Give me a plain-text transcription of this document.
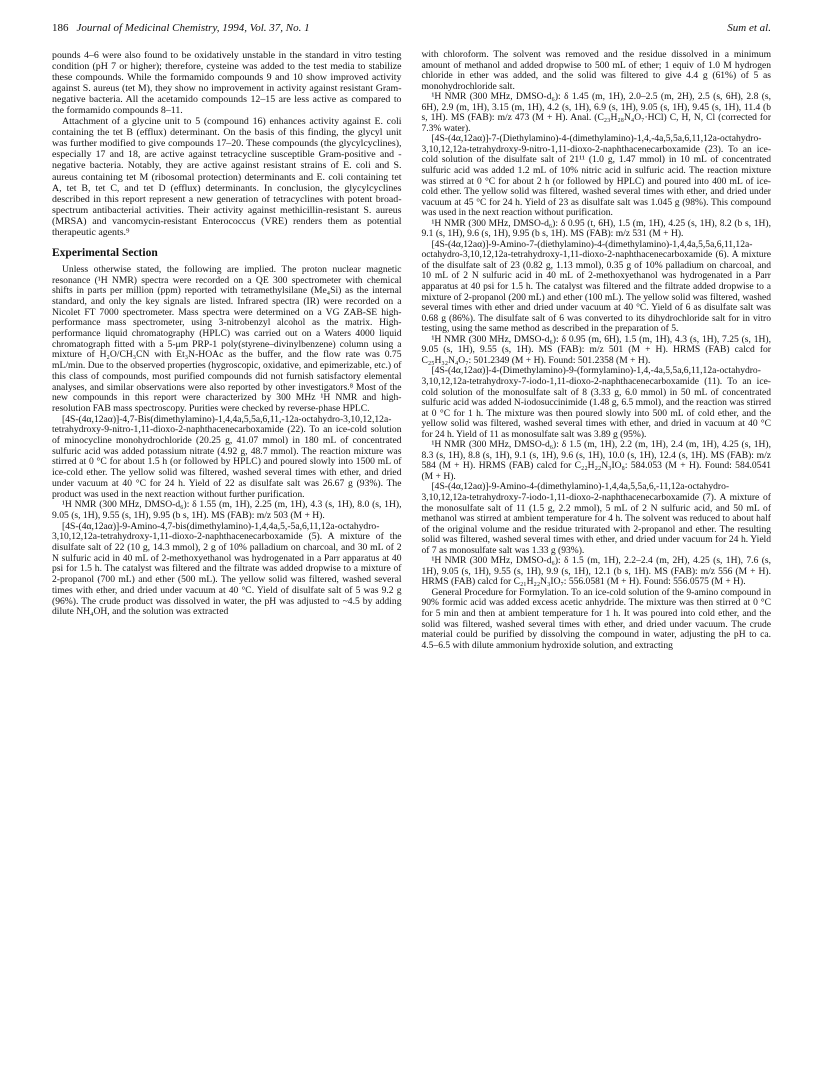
186 Journal of Medicinal Chemistry, 1994, Vol. 37, No. 1	Sum et al.

pounds 4–6 were also found to be oxidatively unstable in the standard in vitro testing condition (pH 7 or higher); therefore, cysteine was added to the test media to stabilize these compounds. While the formamido compounds 9 and 10 show improved activity against S. aureus (tet M), they show no improvement in activity against resistant Gram-negative bacteria. All the acetamido compounds 12–15 are less active as compared to the formamido compounds 8–11.

Attachment of a glycine unit to 5 (compound 16) enhances activity against E. coli containing the tet B (efflux) determinant. On the basis of this finding, the glycyl unit was further modified to give compounds 17–20. These compounds (the glycylcyclines), especially 17 and 18, are active against tetracycline susceptible Gram-positive and -negative bacteria. Notably, they are active against resistant strains of E. coli and S. aureus containing tet M (ribosomal protection) determinants and E. coli containing tet A, tet B, tet C, and tet D (efflux) determinants. In conclusion, the glycylcyclines described in this report represent a new generation of tetracyclines with potent broad-spectrum antibacterial activities. Their activity against methicillin-resistant S. aureus (MRSA) and vancomycin-resistant Enterococcus (VRE) renders them as potential therapeutic agents.⁹

Experimental Section

Unless otherwise stated, the following are implied. The proton nuclear magnetic resonance (¹H NMR) spectra were recorded on a QE 300 spectrometer with chemical shifts in parts per million (ppm) reported with tetramethylsilane (Me₄Si) as the internal standard, and only the key signals are listed. Infrared spectra (IR) were recorded on a Nicolet FT 7000 spectrometer. Mass spectra were determined on a VG ZAB-SE high-performance mass spectrometer, using 3-nitrobenzyl alcohol as the matrix. High-performance liquid chromatography (HPLC) was carried out on a Waters 4000 liquid chromatograph fitted with a 5-μm PRP-1 poly(styrene–divinylbenzene) column using a mixture of H₂O/CH₃CN with Et₃N-HOAc as the buffer, and the flow rate was 0.75 mL/min. Due to the observed properties (hygroscopic, oxidative, and epimerizable, etc.) of this class of compounds, most purified compounds did not furnish satisfactory elemental analyses, and similar observations were also reported by other investigators.⁸ Most of the new compounds in this report were characterized by 300 MHz ¹H NMR and high-resolution FAB mass spectroscopy. Purities were checked by reverse-phase HPLC.

[4S-(4α,12aα)]-4,7-Bis(dimethylamino)-1,4,4a,5,5a,6,11,-12a-octahydro-3,10,12,12a-tetrahydroxy-9-nitro-1,11-dioxo-2-naphthacenecarboxamide (22). To an ice-cold solution of minocycline monohydrochloride (20.25 g, 41.07 mmol) in 180 mL of concentrated sulfuric acid was added potassium nitrate (4.92 g, 48.7 mmol). The reaction mixture was stirred at 0 °C for about 1.5 h (or followed by HPLC) and poured slowly into 1500 mL of ice-cold ether. The yellow solid was filtered, washed several times with ether, and dried under vacuum at 40 °C for 24 h. Yield of 22 as disulfate salt was 26.67 g (93%). The product was used in the next reaction without further purification.

¹H NMR (300 MHz, DMSO-d₆): δ 1.55 (m, 1H), 2.25 (m, 1H), 4.3 (s, 1H), 8.0 (s, 1H), 9.05 (s, 1H), 9.55 (s, 1H), 9.95 (b s, 1H). MS (FAB): m/z 503 (M + H).

[4S-(4α,12aα)]-9-Amino-4,7-bis(dimethylamino)-1,4,4a,5,-5a,6,11,12a-octahydro-3,10,12,12a-tetrahydroxy-1,11-dioxo-2-naphthacenecarboxamide (5). A mixture of the disulfate salt of 22 (10 g, 14.3 mmol), 2 g of 10% palladium on charcoal, and 30 mL of 2 N sulfuric acid in 40 mL of 2-methoxyethanol was hydrogenated in a Parr apparatus at 40 psi for 1.5 h. The catalyst was filtered and the filtrate was added dropwise to a mixture of 2-propanol (700 mL) and ether (500 mL). The yellow solid was filtered, washed several times with ether, and dried under vacuum at 40 °C. Yield of disulfate salt of 5 was 9.2 g (96%). The crude product was dissolved in water, the pH was adjusted to ~4.5 by adding dilute NH₄OH, and the solution was extracted

with chloroform. The solvent was removed and the residue dissolved in a minimum amount of methanol and added dropwise to 500 mL of ether; 1 equiv of 1.0 M hydrogen chloride in ether was added, and the solid was filtered to give 4.4 g (61%) of 5 as monohydrochloride salt.

¹H NMR (300 MHz, DMSO-d₆): δ 1.45 (m, 1H), 2.0–2.5 (m, 2H), 2.5 (s, 6H), 2.8 (s, 6H), 2.9 (m, 1H), 3.15 (m, 1H), 4.2 (s, 1H), 6.9 (s, 1H), 9.05 (s, 1H), 9.45 (s, 1H), 11.4 (b s, 1H). MS (FAB): m/z 473 (M + H). Anal. (C₂₃H₂₈N₄O₇·HCl) C, H, N, Cl (corrected for 7.3% water).

[4S-(4α,12aα)]-7-(Diethylamino)-4-(dimethylamino)-1,4,-4a,5,5a,6,11,12a-octahydro-3,10,12,12a-tetrahydroxy-9-nitro-1,11-dioxo-2-naphthacenecarboxamide (23). To an ice-cold solution of the disulfate salt of 21¹¹ (1.0 g, 1.47 mmol) in 10 mL of concentrated sulfuric acid was added 1.2 mL of 10% nitric acid in sulfuric acid. The reaction mixture was stirred at 0 °C for about 2 h (or followed by HPLC) and poured into 400 mL of ice-cold ether. The yellow solid was filtered, washed several times with ether, and dried under vacuum at 45 °C for 24 h. Yield of 23 as disulfate salt was 1.045 g (98%). This compound was used in the next reaction without purification.

¹H NMR (300 MHz, DMSO-d₆): δ 0.95 (t, 6H), 1.5 (m, 1H), 4.25 (s, 1H), 8.2 (b s, 1H), 9.1 (s, 1H), 9.6 (s, 1H), 9.95 (b s, 1H). MS (FAB): m/z 531 (M + H).

[4S-(4α,12aα)]-9-Amino-7-(diethylamino)-4-(dimethylamino)-1,4,4a,5,5a,6,11,12a-octahydro-3,10,12,12a-tetrahydroxy-1,11-dioxo-2-naphthacenecarboxamide (6). A mixture of the disulfate salt of 23 (0.82 g, 1.13 mmol), 0.35 g of 10% palladium on charcoal, and 10 mL of 2 N sulfuric acid in 40 mL of 2-methoxyethanol was hydrogenated in a Parr apparatus at 40 psi for 1.5 h. The catalyst was filtered and the filtrate added dropwise to a mixture of 2-propanol (200 mL) and ether (100 mL). The yellow solid was filtered, washed several times with ether and dried under vacuum at 40 °C. Yield of 6 as disulfate salt was 0.68 g (86%). The disulfate salt of 6 was converted to its dihydrochloride salt for in vitro testing, using the same method as described in the preparation of 5.

¹H NMR (300 MHz, DMSO-d₆): δ 0.95 (m, 6H), 1.5 (m, 1H), 4.3 (s, 1H), 7.25 (s, 1H), 9.05 (s, 1H), 9.55 (s, 1H). MS (FAB): m/z 501 (M + H). HRMS (FAB) calcd for C₂₅H₃₂N₄O₇: 501.2349 (M + H). Found: 501.2358 (M + H).

[4S-(4α,12aα)]-4-(Dimethylamino)-9-(formylamino)-1,4,-4a,5,5a,6,11,12a-octahydro-3,10,12,12a-tetrahydroxy-7-iodo-1,11-dioxo-2-naphthacenecarboxamide (11). To an ice-cold solution of the monosulfate salt of 8 (3.33 g, 6.0 mmol) in 50 mL of concentrated sulfuric acid was added N-iodosuccinimide (1.48 g, 6.5 mmol), and the reaction was stirred at 0 °C for 1 h. The mixture was then poured slowly into 500 mL of cold ether, and the yellow solid was filtered, washed several times with ether, and dried in vacuum at 40 °C for 24 h. Yield of 11 as monosulfate salt was 3.89 g (95%).

¹H NMR (300 MHz, DMSO-d₆): δ 1.5 (m, 1H), 2.2 (m, 1H), 2.4 (m, 1H), 4.25 (s, 1H), 8.3 (s, 1H), 8.8 (s, 1H), 9.1 (s, 1H), 9.6 (s, 1H), 10.0 (s, 1H), 12.4 (s, 1H). MS (FAB): m/z 584 (M + H). HRMS (FAB) calcd for C₂₂H₂₂N₃IO₈: 584.053 (M + H). Found: 584.0541 (M + H).

[4S-(4α,12aα)]-9-Amino-4-(dimethylamino)-1,4,4a,5,5a,6,-11,12a-octahydro-3,10,12,12a-tetrahydroxy-7-iodo-1,11-dioxo-2-naphthacenecarboxamide (7). A mixture of the monosulfate salt of 11 (1.5 g, 2.2 mmol), 5 mL of 2 N sulfuric acid, and 50 mL of methanol was stirred at ambient temperature for 4 h. The solvent was reduced to about half of the original volume and the residue triturated with 2-propanol and ether. The resulting solid was filtered, washed several times with ether, and dried under vacuum for 24 h. Yield of 7 as monosulfate salt was 1.33 g (93%).

¹H NMR (300 MHz, DMSO-d₆): δ 1.5 (m, 1H), 2.2–2.4 (m, 2H), 4.25 (s, 1H), 7.6 (s, 1H), 9.05 (s, 1H), 9.55 (s, 1H), 9.9 (s, 1H), 12.1 (b s, 1H). MS (FAB): m/z 556 (M + H). HRMS (FAB) calcd for C₂₁H₂₂N₃IO₇: 556.0581 (M + H). Found: 556.0575 (M + H).

General Procedure for Formylation. To an ice-cold solution of the 9-amino compound in 90% formic acid was added excess acetic anhydride. The mixture was then stirred at 0 °C for 5 min and then at ambient temperature for 1 h. It was poured into cold ether, and the solid was filtered, washed several times with ether, and dried under vacuum. The crude material could be purified by dissolving the compound in water, adjusting the pH to ca. 4.5–6.5 with dilute ammonium hydroxide solution, and extracting
